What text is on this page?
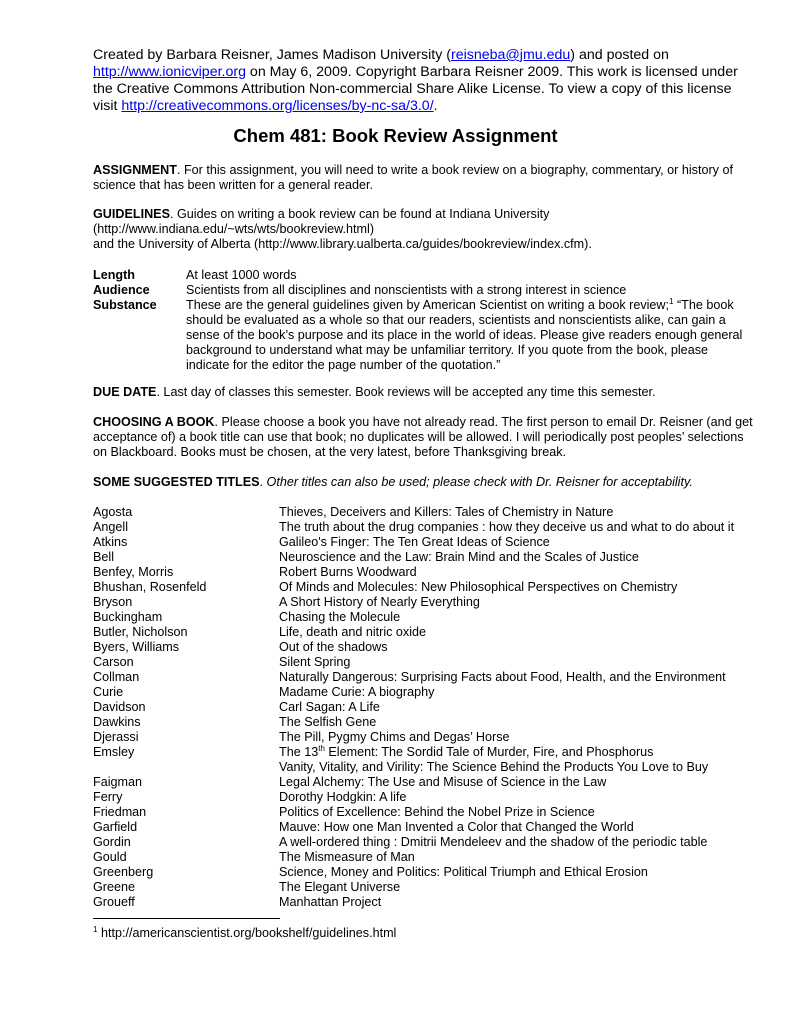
Created by Barbara Reisner, James Madison University (reisneba@jmu.edu) and posted on
http://www.ionicviper.org on May 6, 2009. Copyright Barbara Reisner 2009. This work is licensed under the Creative Commons Attribution Non-commercial Share Alike License. To view a copy of this license visit http://creativecommons.org/licenses/by-nc-sa/3.0/.
Chem 481: Book Review Assignment

ASSIGNMENT. For this assignment, you will need to write a book review on a biography, commentary, or history of science that has been written for a general reader.

GUIDELINES. Guides on writing a book review can be found at Indiana University

(http://www.indiana.edu/~wts/wts/bookreview.html)

and the University of Alberta (http://www.library.ualberta.ca/guides/bookreview/index.cfm).

Length	At least 1000 words
Audience	Scientists from all disciplines and nonscientists with a strong interest in science
Substance	These are the general guidelines given by American Scientist on writing a book review;$^1$ “The book should be evaluated as a whole so that our readers, scientists and nonscientists alike, can gain a sense of the book’s purpose and its place in the world of ideas. Please give readers enough general background to understand what may be unfamiliar territory. If you quote from the book, please indicate for the editor the page number of the quotation.”

DUE DATE. Last day of classes this semester. Book reviews will be accepted any time this semester.

CHOOSING A BOOK. Please choose a book you have not already read. The first person to email Dr. Reisner (and get acceptance of) a book title can use that book; no duplicates will be allowed. I will periodically post peoples’ selections on Blackboard. Books must be chosen, at the very latest, before Thanksgiving break.

SOME SUGGESTED TITLES. Other titles can also be used; please check with Dr. Reisner for acceptability.

Agosta	Thieves, Deceivers and Killers: Tales of Chemistry in Nature
Angell	The truth about the drug companies : how they deceive us and what to do about it
Atkins	Galileo's Finger: The Ten Great Ideas of Science
Bell	Neuroscience and the Law: Brain Mind and the Scales of Justice
Benfey, Morris	Robert Burns Woodward
Bhushan, Rosenfeld	Of Minds and Molecules: New Philosophical Perspectives on Chemistry
Bryson	A Short History of Nearly Everything
Buckingham	Chasing the Molecule
Butler, Nicholson	Life, death and nitric oxide
Byers, Williams	Out of the shadows
Carson	Silent Spring
Collman	Naturally Dangerous: Surprising Facts about Food, Health, and the Environment
Curie	Madame Curie: A biography
Davidson	Carl Sagan: A Life
Dawkins	The Selfish Gene
Djerassi	The Pill, Pygmy Chims and Degas’ Horse
Emsley	The 13th Element: The Sordid Tale of Murder, Fire, and Phosphorus
Vanity, Vitality, and Virility: The Science Behind the Products You Love to Buy
Faigman	Legal Alchemy: The Use and Misuse of Science in the Law
Ferry	Dorothy Hodgkin: A life
Friedman	Politics of Excellence: Behind the Nobel Prize in Science
Garfield	Mauve: How one Man Invented a Color that Changed the World
Gordin	A well-ordered thing : Dmitrii Mendeleev and the shadow of the periodic table
Gould	The Mismeasure of Man
Greenberg	Science, Money and Politics: Political Triumph and Ethical Erosion
Greene	The Elegant Universe
Groueff	Manhattan Project
$^1$ http://americanscientist.org/bookshelf/guidelines.html
